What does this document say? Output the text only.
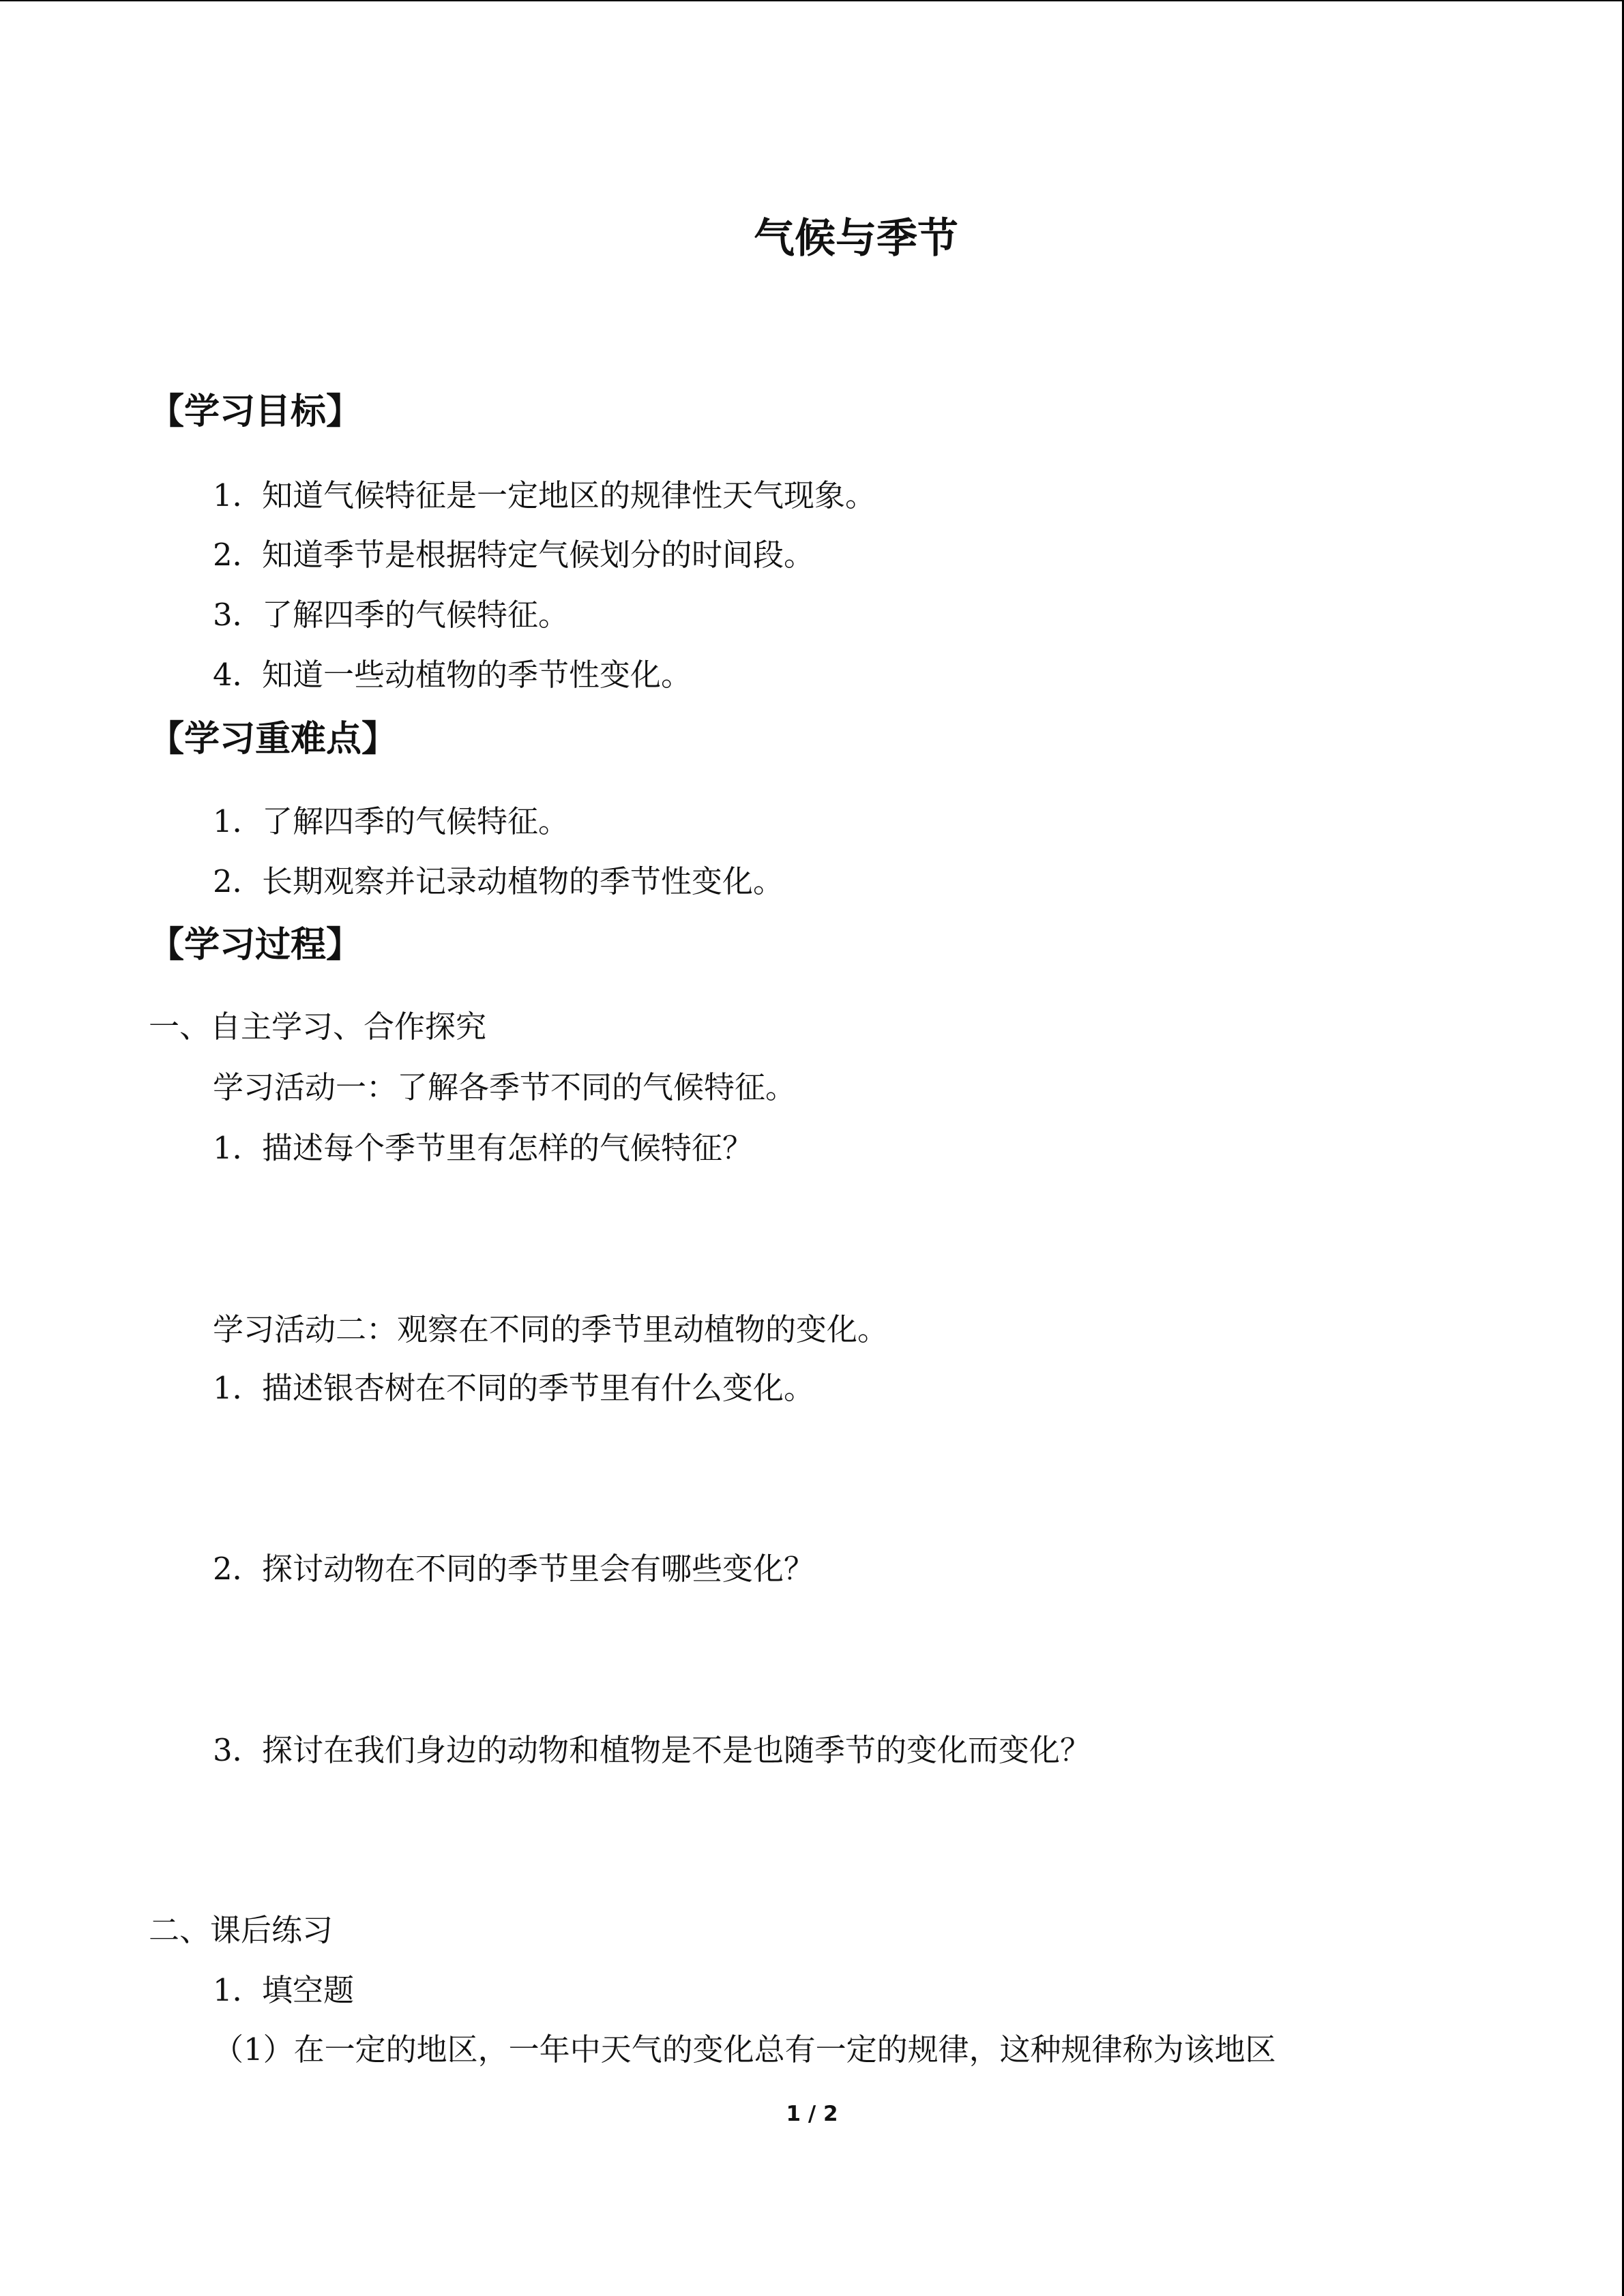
气候与季节
【学习目标】
1．知道气候特征是一定地区的规律性天气现象。
2．知道季节是根据特定气候划分的时间段。
3．了解四季的气候特征。
4．知道一些动植物的季节性变化。
【学习重难点】
1．了解四季的气候特征。
2．长期观察并记录动植物的季节性变化。
【学习过程】
一、自主学习、合作探究
学习活动一：了解各季节不同的气候特征。
1．描述每个季节里有怎样的气候特征？
学习活动二：观察在不同的季节里动植物的变化。
1．描述银杏树在不同的季节里有什么变化。
2．探讨动物在不同的季节里会有哪些变化？
3．探讨在我们身边的动物和植物是不是也随季节的变化而变化？
二、课后练习
1．填空题
（1）在一定的地区，一年中天气的变化总有一定的规律，这种规律称为该地区
1 / 2
